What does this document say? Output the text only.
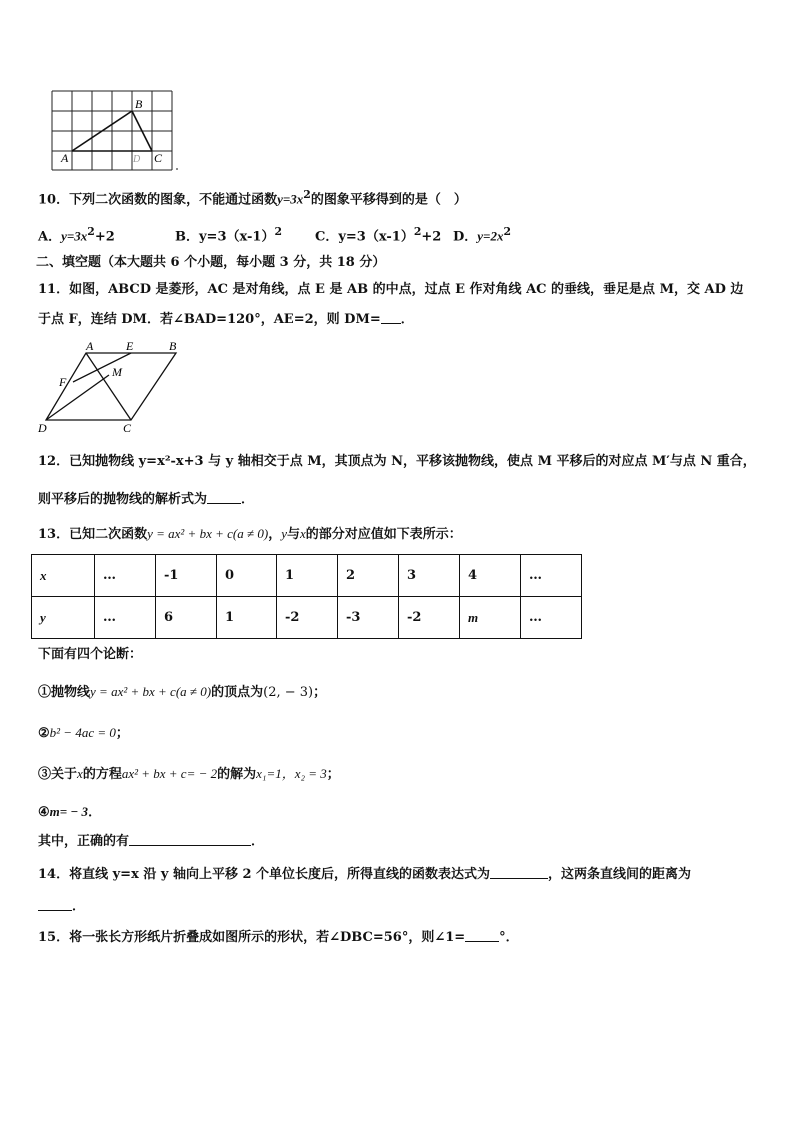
B
A	D C
10．下列二次函数的图象，不能通过函数$y=3x^2$的图象平移得到的是（　）
A．$y=3x^2+2$	B．$y=3(x-1)^2$	C．$y=3(x-1)^2+2$ D．$y=2x^2$
二、填空题（本大题共 6 个小题，每小题 3 分，共 18 分）
11．如图，ABCD 是菱形，AC 是对角线，点 E 是 AB 的中点，过点 E 作对角线 AC 的垂线，垂足是点 M，交 AD 边
于点 F，连结 DM．若∠BAD=120°，AE=2，则 DM= ．
A	E	B
M
F
D	C
12．已知抛物线 y=x²-x+3 与 y 轴相交于点 M，其顶点为 N，平移该抛物线，使点 M 平移后的对应点 M′与点 N 重合，
则平移后的抛物线的解析式为	．
13．已知二次函数y = ax² + bx + c(a ≠ 0)，y与x的部分对应值如下表所示：
x	…	-1	0	1	2	3	4	…
y	…	6	1	-2	-3	-2	m	…
下面有四个论断：
①抛物线y = ax² + bx + c(a ≠ 0)的顶点为(2, − 3)；
②b² − 4ac = 0；
③关于x的方程ax² + bx + c= − 2的解为x₁=1，x₂ = 3；
④m= − 3．
其中，正确的有	．
14．将直线 y=x 沿 y 轴向上平移 2 个单位长度后，所得直线的函数表达式为	，这两条直线间的距离为
．
15．将一张长方形纸片折叠成如图所示的形状，若∠DBC=56°，则∠1=	°．
